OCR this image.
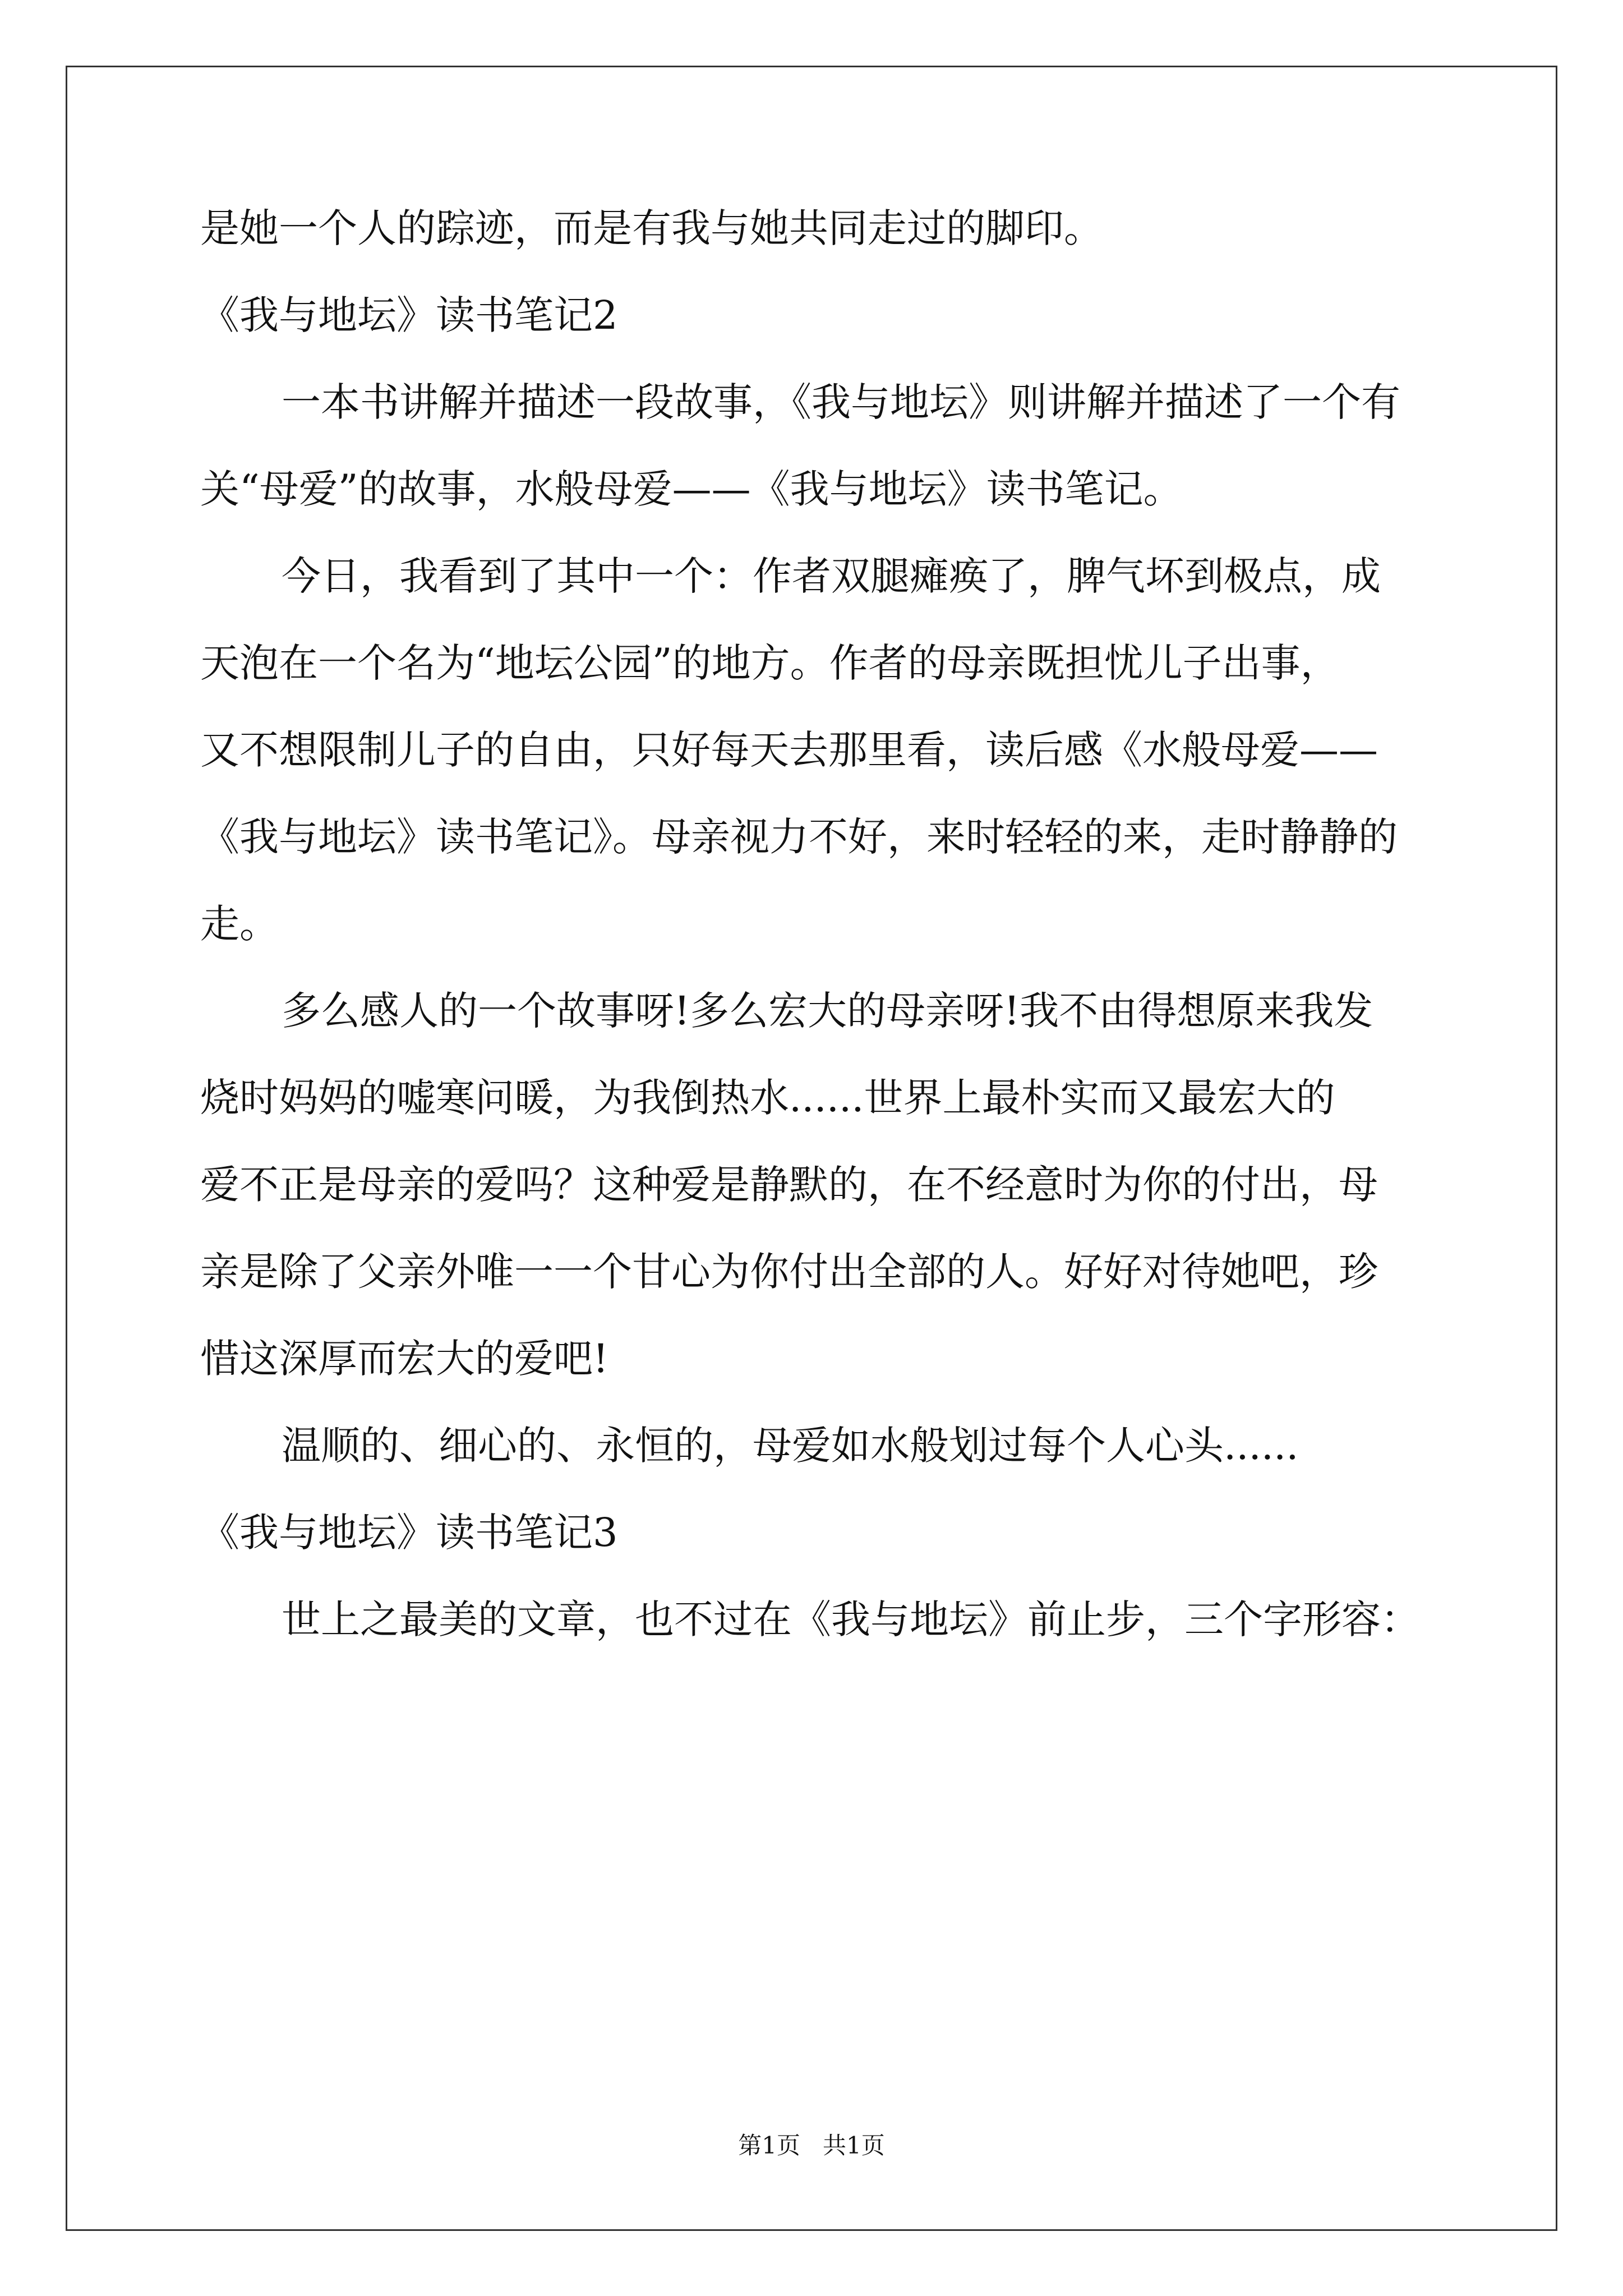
是她一个人的踪迹，而是有我与她共同走过的脚印。
《我与地坛》读书笔记2
一本书讲解并描述一段故事，《我与地坛》则讲解并描述了一个有
关“母爱”的故事，水般母爱——《我与地坛》读书笔记。
今日，我看到了其中一个：作者双腿瘫痪了，脾气坏到极点，成
天泡在一个名为“地坛公园”的地方。作者的母亲既担忧儿子出事，
又不想限制儿子的自由，只好每天去那里看，读后感《水般母爱——
《我与地坛》读书笔记》。母亲视力不好，来时轻轻的来，走时静静的
走。
多么感人的一个故事呀!多么宏大的母亲呀!我不由得想原来我发
烧时妈妈的嘘寒问暖，为我倒热水......世界上最朴实而又最宏大的
爱不正是母亲的爱吗？这种爱是静默的，在不经意时为你的付出，母
亲是除了父亲外唯一一个甘心为你付出全部的人。好好对待她吧，珍
惜这深厚而宏大的爱吧!
温顺的、细心的、永恒的，母爱如水般划过每个人心头......
《我与地坛》读书笔记3
世上之最美的文章，也不过在《我与地坛》前止步，三个字形容：
第1页   共1页
